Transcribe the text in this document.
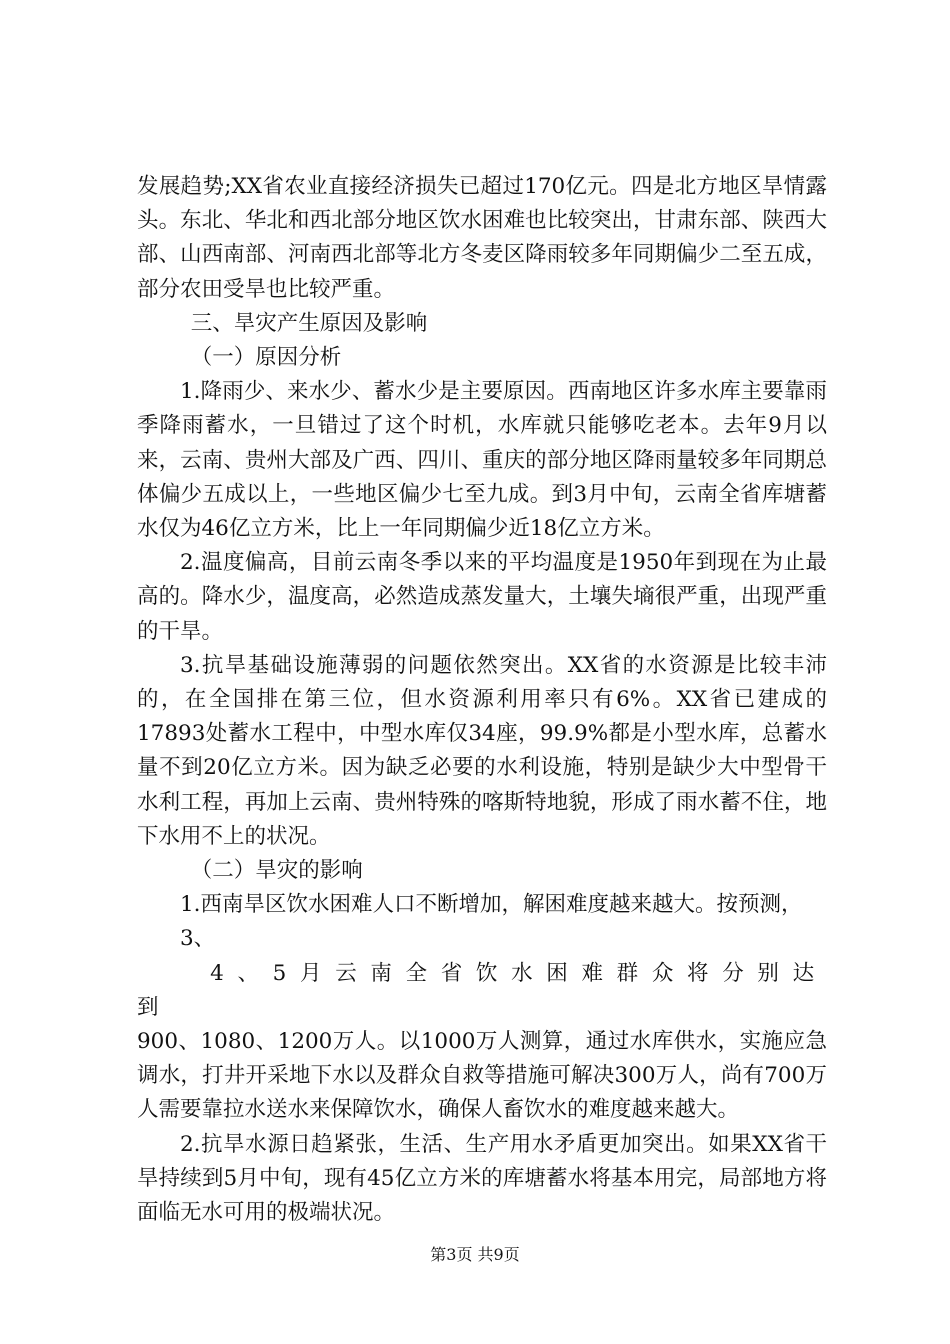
发展趋势;XX省农业直接经济损失已超过170亿元。四是北方地区旱情露头。东北、华北和西北部分地区饮水困难也比较突出，甘肃东部、陕西大部、山西南部、河南西北部等北方冬麦区降雨较多年同期偏少二至五成，部分农田受旱也比较严重。

三、旱灾产生原因及影响

（一）原因分析

1.降雨少、来水少、蓄水少是主要原因。西南地区许多水库主要靠雨季降雨蓄水，一旦错过了这个时机，水库就只能够吃老本。去年9月以来，云南、贵州大部及广西、四川、重庆的部分地区降雨量较多年同期总体偏少五成以上，一些地区偏少七至九成。到3月中旬，云南全省库塘蓄水仅为46亿立方米，比上一年同期偏少近18亿立方米。

2.温度偏高，目前云南冬季以来的平均温度是1950年到现在为止最高的。降水少，温度高，必然造成蒸发量大，土壤失墒很严重，出现严重的干旱。

3.抗旱基础设施薄弱的问题依然突出。XX省的水资源是比较丰沛的，在全国排在第三位，但水资源利用率只有6%。XX省已建成的17893处蓄水工程中，中型水库仅34座，99.9%都是小型水库，总蓄水量不到20亿立方米。因为缺乏必要的水利设施，特别是缺少大中型骨干水利工程，再加上云南、贵州特殊的喀斯特地貌，形成了雨水蓄不住，地下水用不上的状况。

（二）旱灾的影响

1.西南旱区饮水困难人口不断增加，解困难度越来越大。按预测，

3、

4、5月云南全省饮水困难群众将分别达到

900、1080、1200万人。以1000万人测算，通过水库供水，实施应急调水，打井开采地下水以及群众自救等措施可解决300万人，尚有700万人需要靠拉水送水来保障饮水，确保人畜饮水的难度越来越大。

2.抗旱水源日趋紧张，生活、生产用水矛盾更加突出。如果XX省干旱持续到5月中旬，现有45亿立方米的库塘蓄水将基本用完，局部地方将面临无水可用的极端状况。

第3页 共9页
